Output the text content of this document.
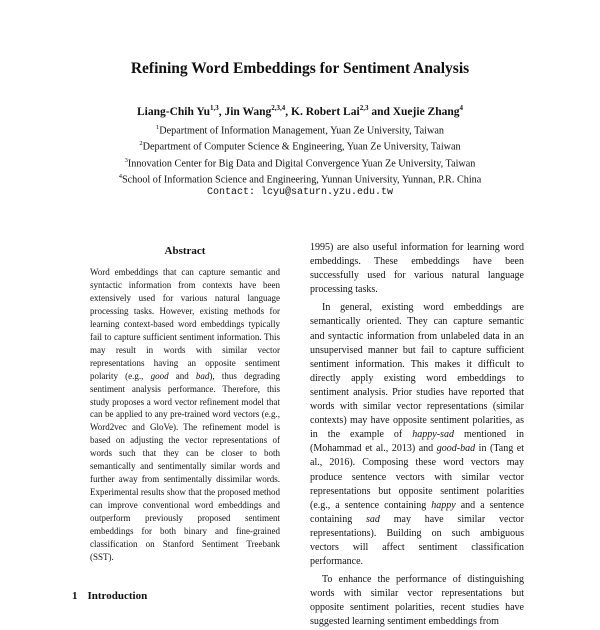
Refining Word Embeddings for Sentiment Analysis
Liang-Chih Yu$^{1,3}$, Jin Wang$^{2,3,4}$, K. Robert Lai$^{2,3}$ and Xuejie Zhang$^4$
$^1$Department of Information Management, Yuan Ze University, Taiwan
$^2$Department of Computer Science & Engineering, Yuan Ze University, Taiwan
$^3$Innovation Center for Big Data and Digital Convergence Yuan Ze University, Taiwan
$^4$School of Information Science and Engineering, Yunnan University, Yunnan, P.R. China
Contact: lcyu@saturn.yzu.edu.tw
Abstract
Word embeddings that can capture semantic and syntactic information from contexts have been extensively used for various natural language processing tasks. However, existing methods for learning context-based word embeddings typically fail to capture sufficient sentiment information. This may result in words with similar vector representations having an opposite sentiment polarity (e.g., good and bad), thus degrading sentiment analysis performance. Therefore, this study proposes a word vector refinement model that can be applied to any pre-trained word vectors (e.g., Word2vec and GloVe). The refinement model is based on adjusting the vector representations of words such that they can be closer to both semantically and sentimentally similar words and further away from sentimentally dissimilar words. Experimental results show that the proposed method can improve conventional word embeddings and outperform previously proposed sentiment embeddings for both binary and fine-grained classification on Stanford Sentiment Treebank (SST).

1995) are also useful information for learning word embeddings. These embeddings have been successfully used for various natural language processing tasks.

In general, existing word embeddings are semantically oriented. They can capture semantic and syntactic information from unlabeled data in an unsupervised manner but fail to capture sufficient sentiment information. This makes it difficult to directly apply existing word embeddings to sentiment analysis. Prior studies have reported that words with similar vector representations (similar contexts) may have opposite sentiment polarities, as in the example of happy-sad mentioned in (Mohammad et al., 2013) and good-bad in (Tang et al., 2016). Composing these word vectors may produce sentence vectors with similar vector representations but opposite sentiment polarities (e.g., a sentence containing happy and a sentence containing sad may have similar vector representations). Building on such ambiguous vectors will affect sentiment classification performance.

To enhance the performance of distinguishing words with similar vector representations but opposite sentiment polarities, recent studies have suggested learning sentiment embeddings from

1 Introduction
